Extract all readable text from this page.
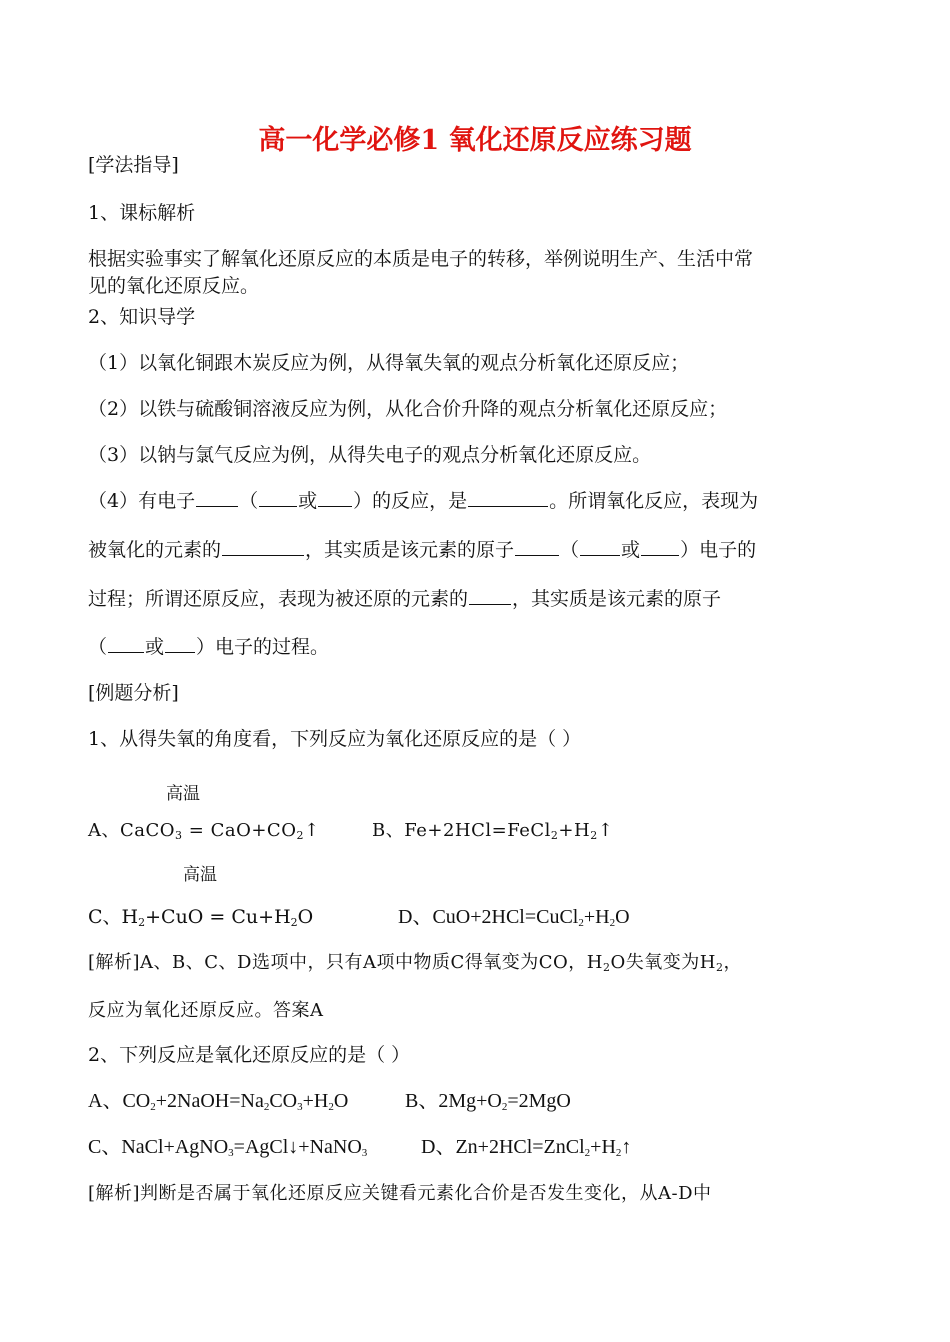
高一化学必修1 氧化还原反应练习题
[学法指导]
1、课标解析
根据实验事实了解氧化还原反应的本质是电子的转移，举例说明生产、生活中常
见的氧化还原反应。
2、知识导学
（1）以氧化铜跟木炭反应为例，从得氧失氧的观点分析氧化还原反应；
（2）以铁与硫酸铜溶液反应为例，从化合价升降的观点分析氧化还原反应；
（3）以钠与氯气反应为例，从得失电子的观点分析氧化还原反应。
（4）有电子 （ 或 ）的反应，是	。所谓氧化反应，表现为
被氧化的元素的	，其实质是该元素的原子 （ 或 ）电子的
过程；所谓还原反应，表现为被还原的元素的 ，其实质是该元素的原子
（ 或 ）电子的过程。
[例题分析]
1、从得失氧的角度看，下列反应为氧化还原反应的是（ ）
高温
A、CaCO$_3$ = $CaO+CO_2↑$	B、$Fe+2HCl=FeCl_2+H_2↑$
高温
C、$H_2+CuO = Cu+H_2O$	D、$CuO+2HCl=CuCl_2+H_2O$
[解析]A、B、C、D选项中，只有A项中物质C得氧变为CO，$H_2O$失氧变为$H_2$，
反应为氧化还原反应。答案A
2、下列反应是氧化还原反应的是（ ）
A、$CO_2+2NaOH=Na_2CO_3+H_2O$	B、$2Mg+O_2=2MgO$
C、NaCl+AgNO$_3$=AgCl↓+NaNO$_3$	D、$Zn+2HCl=ZnCl_2+H_2↑$
[解析]判断是否属于氧化还原反应关键看元素化合价是否发生变化，从A-D中
